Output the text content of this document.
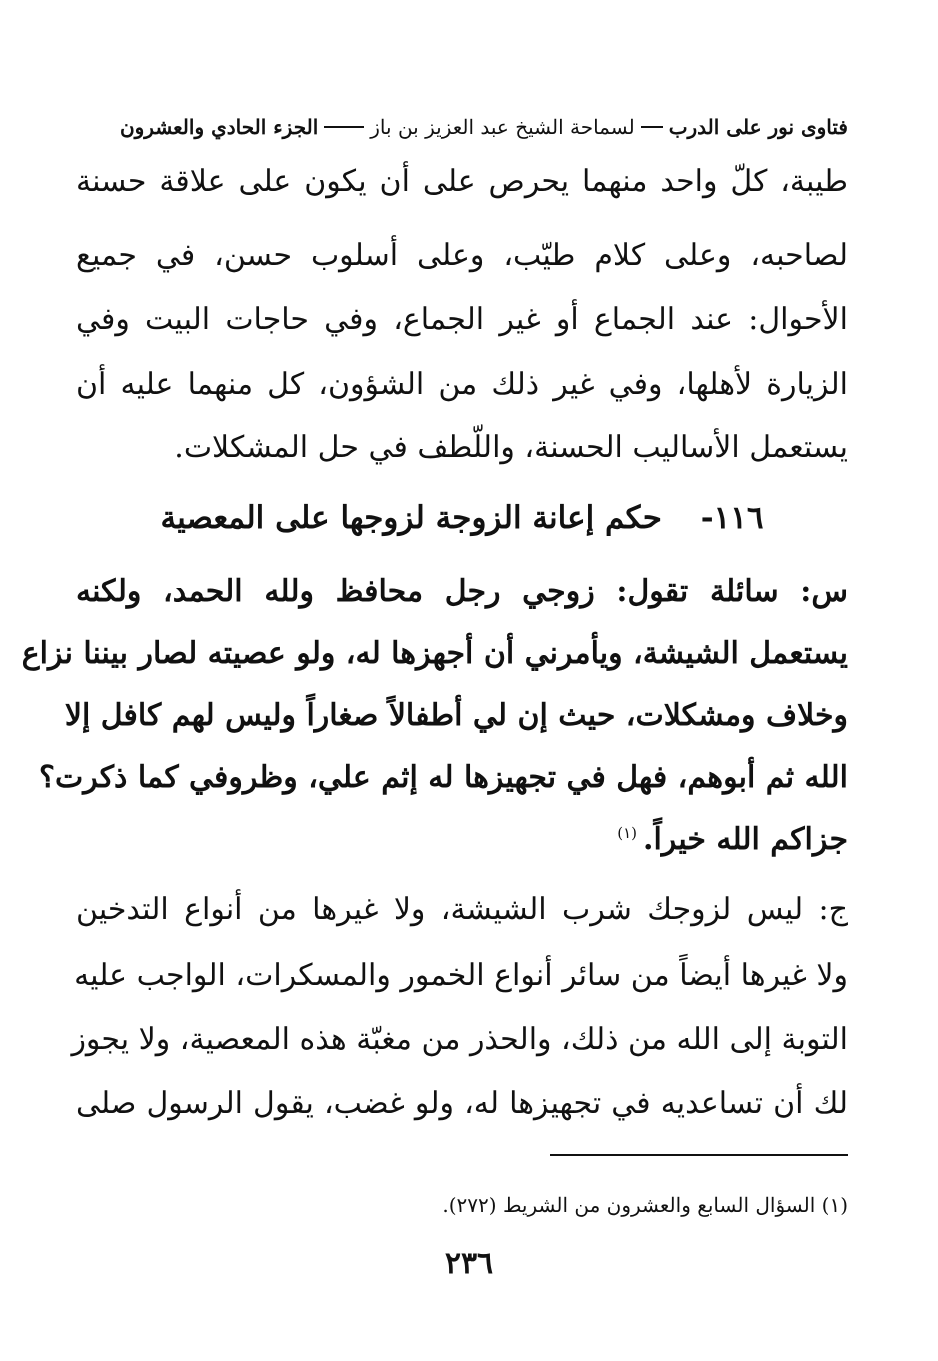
فتاوى نور على الدرب
لسماحة الشيخ عبد العزيز بن باز
الجزء الحادي والعشرون
طيبة، كلّ واحد منهما يحرص على أن يكون على علاقة حسنة
لصاحبه، وعلى كلام طيّب، وعلى أسلوب حسن، في جميع
الأحوال: عند الجماع أو غير الجماع، وفي حاجات البيت وفي
الزيارة لأهلها، وفي غير ذلك من الشؤون، كل منهما عليه أن
يستعمل الأساليب الحسنة، واللّطف في حل المشكلات.
١١٦- حكم إعانة الزوجة لزوجها على المعصية
س: سائلة تقول: زوجي رجل محافظ ولله الحمد، ولكنه
يستعمل الشيشة، ويأمرني أن أجهزها له، ولو عصيته لصار بيننا نزاع
وخلاف ومشكلات، حيث إن لي أطفالاً صغاراً وليس لهم كافل إلا
الله ثم أبوهم، فهل في تجهيزها له إثم علي، وظروفي كما ذكرت؟
جزاكم الله خيراً.$^{(١)}$
ج: ليس لزوجك شرب الشيشة، ولا غيرها من أنواع التدخين
ولا غيرها أيضاً من سائر أنواع الخمور والمسكرات، الواجب عليه
التوبة إلى الله من ذلك، والحذر من مغبّة هذه المعصية، ولا يجوز
لك أن تساعديه في تجهيزها له، ولو غضب، يقول الرسول صلى
(١) السؤال السابع والعشرون من الشريط (٢٧٢).
٢٣٦
